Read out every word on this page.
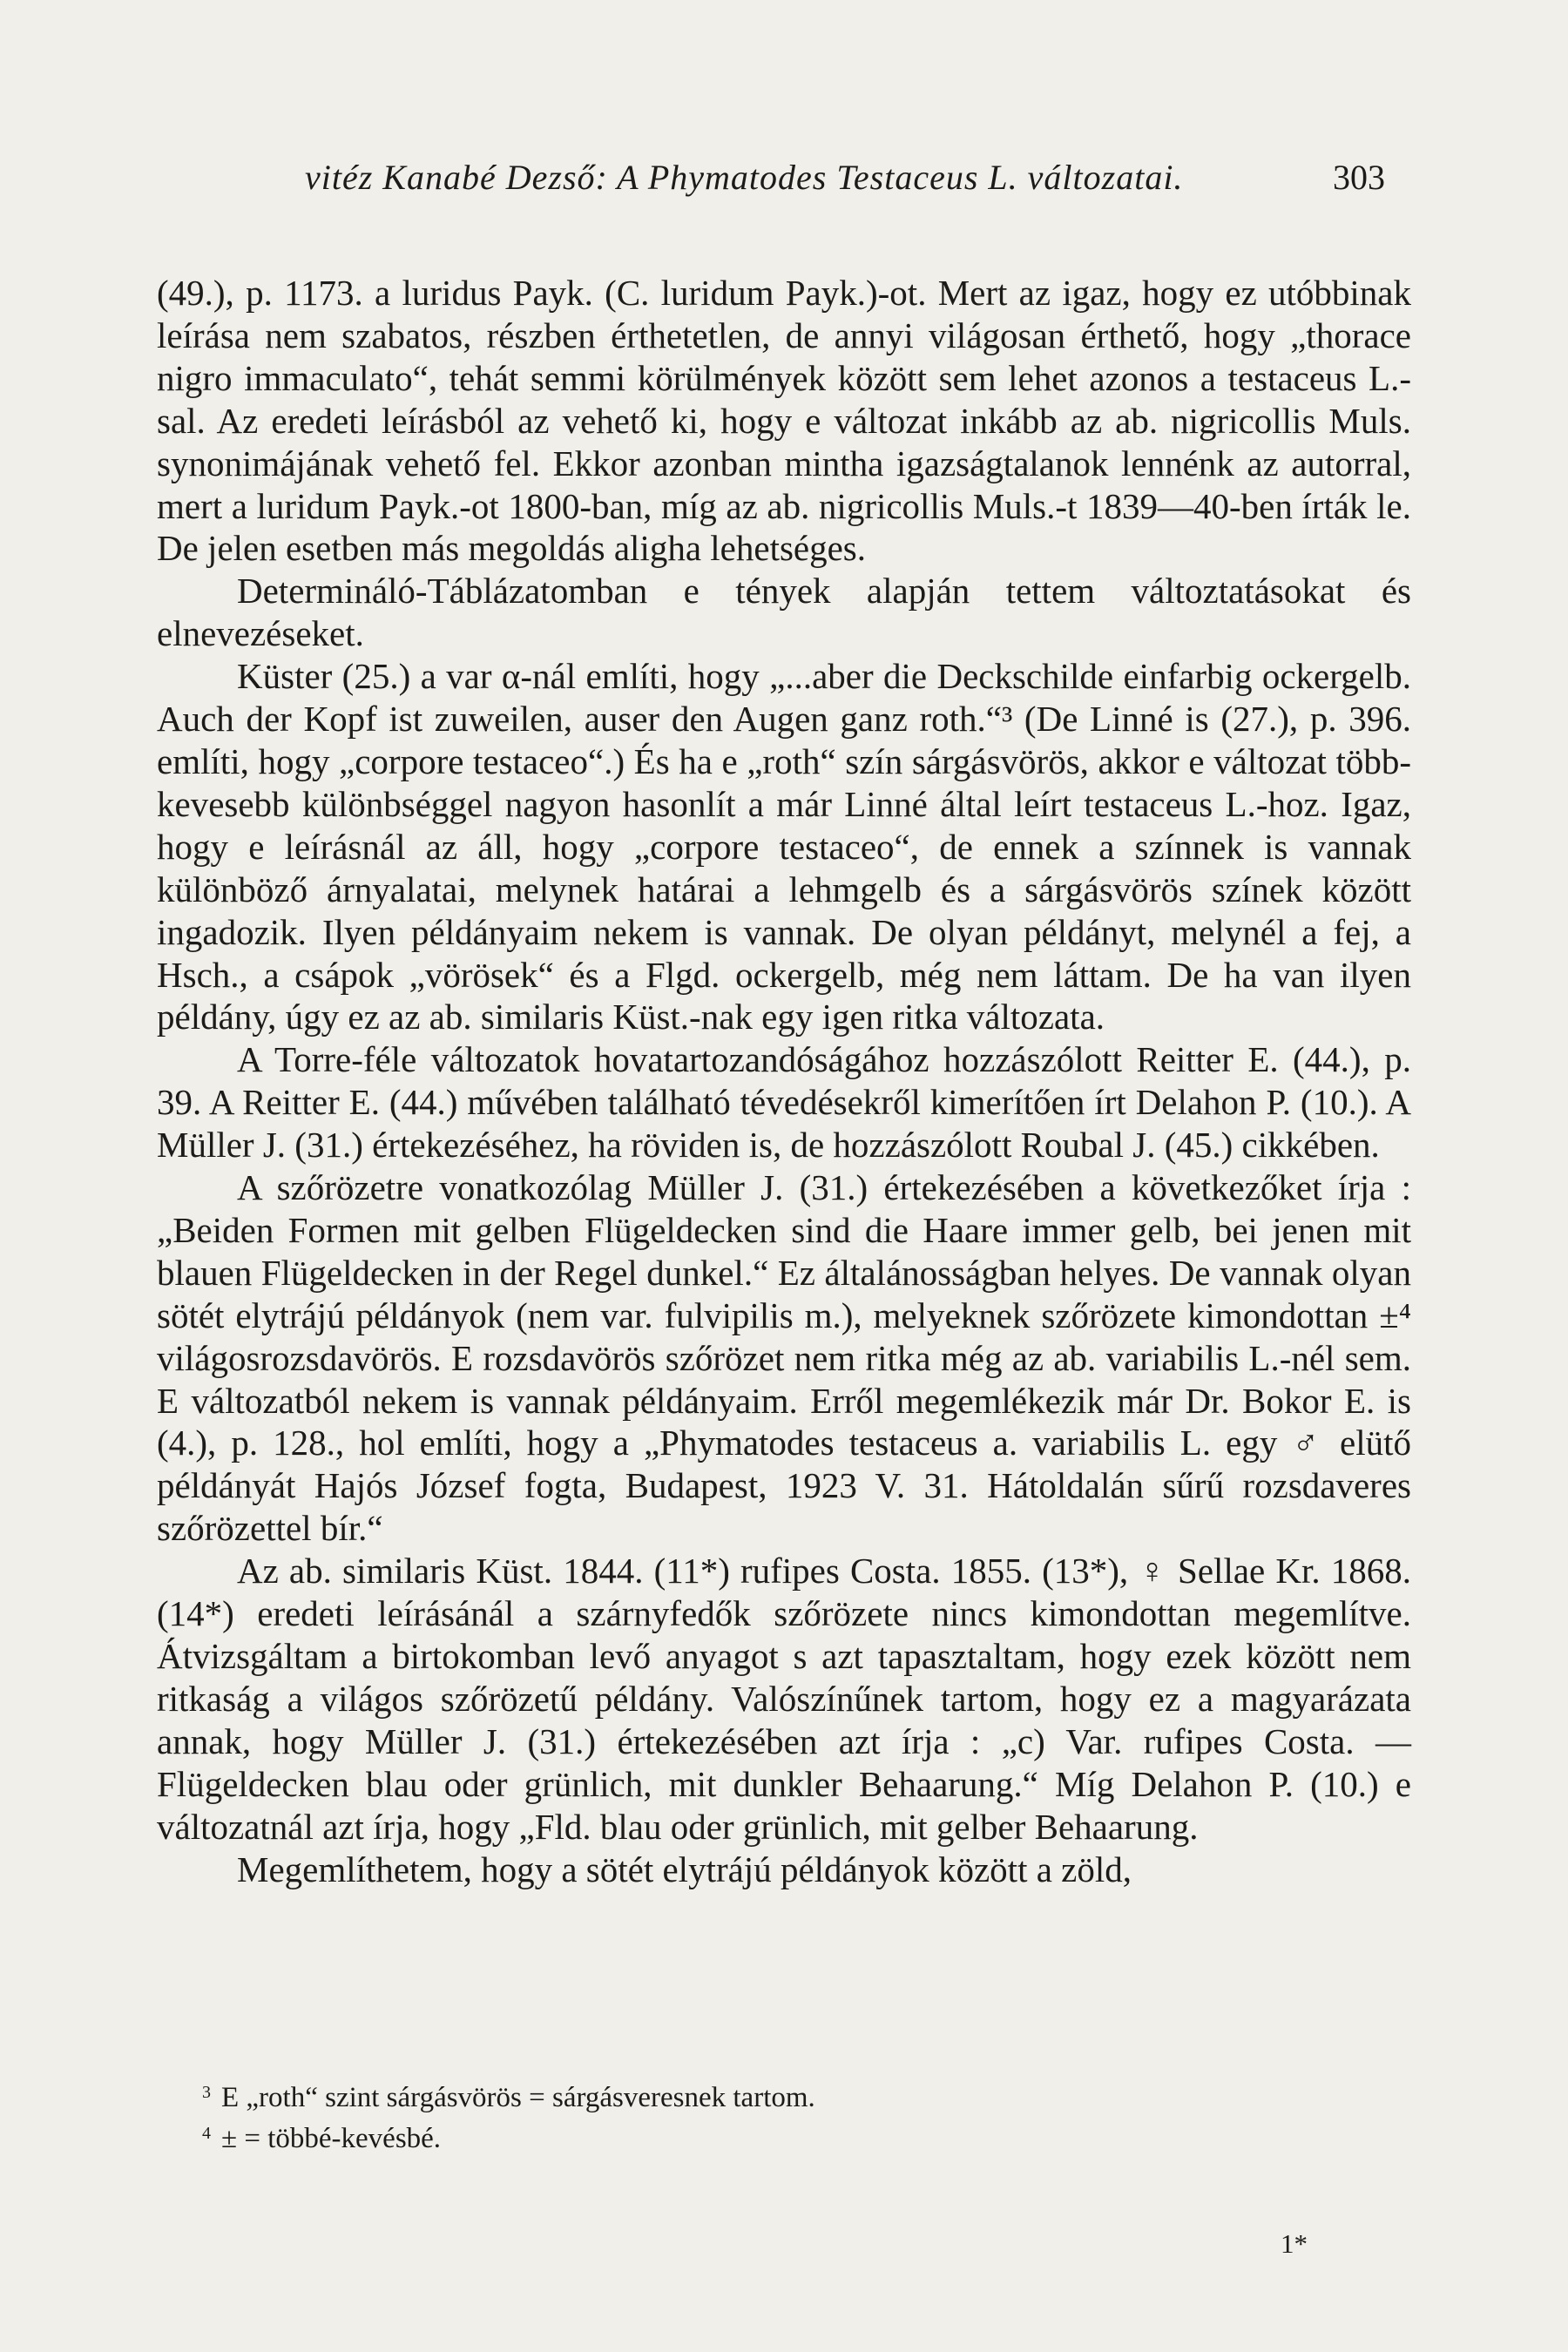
vitéz Kanabé Dezső: A Phymatodes Testaceus L. változatai.	303

(49.), p. 1173. a luridus Payk. (C. luridum Payk.)-ot. Mert az igaz, hogy ez utóbbinak leírása nem szabatos, részben érthetetlen, de annyi világosan érthető, hogy „thorace nigro immaculato“, tehát semmi körülmények között sem lehet azonos a testaceus L.-sal. Az eredeti leírásból az vehető ki, hogy e változat inkább az ab. nigricollis Muls. synonimájának vehető fel. Ekkor azonban mintha igazságtalanok lennénk az autorral, mert a luridum Payk.-ot 1800-ban, míg az ab. nigricollis Muls.-t 1839—40-ben írták le. De jelen esetben más megoldás aligha lehetséges.

Determináló-Táblázatomban e tények alapján tettem változtatásokat és elnevezéseket.

Küster (25.) a var α-nál említi, hogy „...aber die Deckschilde einfarbig ockergelb. Auch der Kopf ist zuweilen, auser den Augen ganz roth.“³ (De Linné is (27.), p. 396. említi, hogy „corpore testaceo“.) És ha e „roth“ szín sárgásvörös, akkor e változat több-kevesebb különbséggel nagyon hasonlít a már Linné által leírt testaceus L.-hoz. Igaz, hogy e leírásnál az áll, hogy „corpore testaceo“, de ennek a színnek is vannak különböző árnyalatai, melynek határai a lehmgelb és a sárgásvörös színek között ingadozik. Ilyen példányaim nekem is vannak. De olyan példányt, melynél a fej, a Hsch., a csápok „vörösek“ és a Flgd. ockergelb, még nem láttam. De ha van ilyen példány, úgy ez az ab. similaris Küst.-nak egy igen ritka változata.

A Torre-féle változatok hovatartozandóságához hozzászólott Reitter E. (44.), p. 39. A Reitter E. (44.) művében található tévedésekről kimerítően írt Delahon P. (10.). A Müller J. (31.) értekezéséhez, ha röviden is, de hozzászólott Roubal J. (45.) cikkében.

A szőrözetre vonatkozólag Müller J. (31.) értekezésében a következőket írja : „Beiden Formen mit gelben Flügeldecken sind die Haare immer gelb, bei jenen mit blauen Flügeldecken in der Regel dunkel.“ Ez általánosságban helyes. De vannak olyan sötét elytrájú példányok (nem var. fulvipilis m.), melyeknek szőrözete kimondottan ±⁴ világosrozsdavörös. E rozsdavörös szőrözet nem ritka még az ab. variabilis L.-nél sem. E változatból nekem is vannak példányaim. Erről megemlékezik már Dr. Bokor E. is (4.), p. 128., hol említi, hogy a „Phymatodes testaceus a. variabilis L. egy ♂ elütő példányát Hajós József fogta, Budapest, 1923 V. 31. Hátoldalán sűrű rozsdaveres szőrözettel bír.“

Az ab. similaris Küst. 1844. (11*) rufipes Costa. 1855. (13*), ♀ Sellae Kr. 1868. (14*) eredeti leírásánál a szárnyfedők szőrözete nincs kimondottan megemlítve. Átvizsgáltam a birtokomban levő anyagot s azt tapasztaltam, hogy ezek között nem ritkaság a világos szőrözetű példány. Valószínűnek tartom, hogy ez a magyarázata annak, hogy Müller J. (31.) értekezésében azt írja : „c) Var. rufipes Costa. — Flügeldecken blau oder grünlich, mit dunkler Behaarung.“ Míg Delahon P. (10.) e változatnál azt írja, hogy „Fld. blau oder grünlich, mit gelber Behaarung.

Megemlíthetem, hogy a sötét elytrájú példányok között a zöld,

$^3$ E „roth“ szint sárgásvörös = sárgásveresnek tartom.

$^4$ ± = többé-kevésbé.

1*
